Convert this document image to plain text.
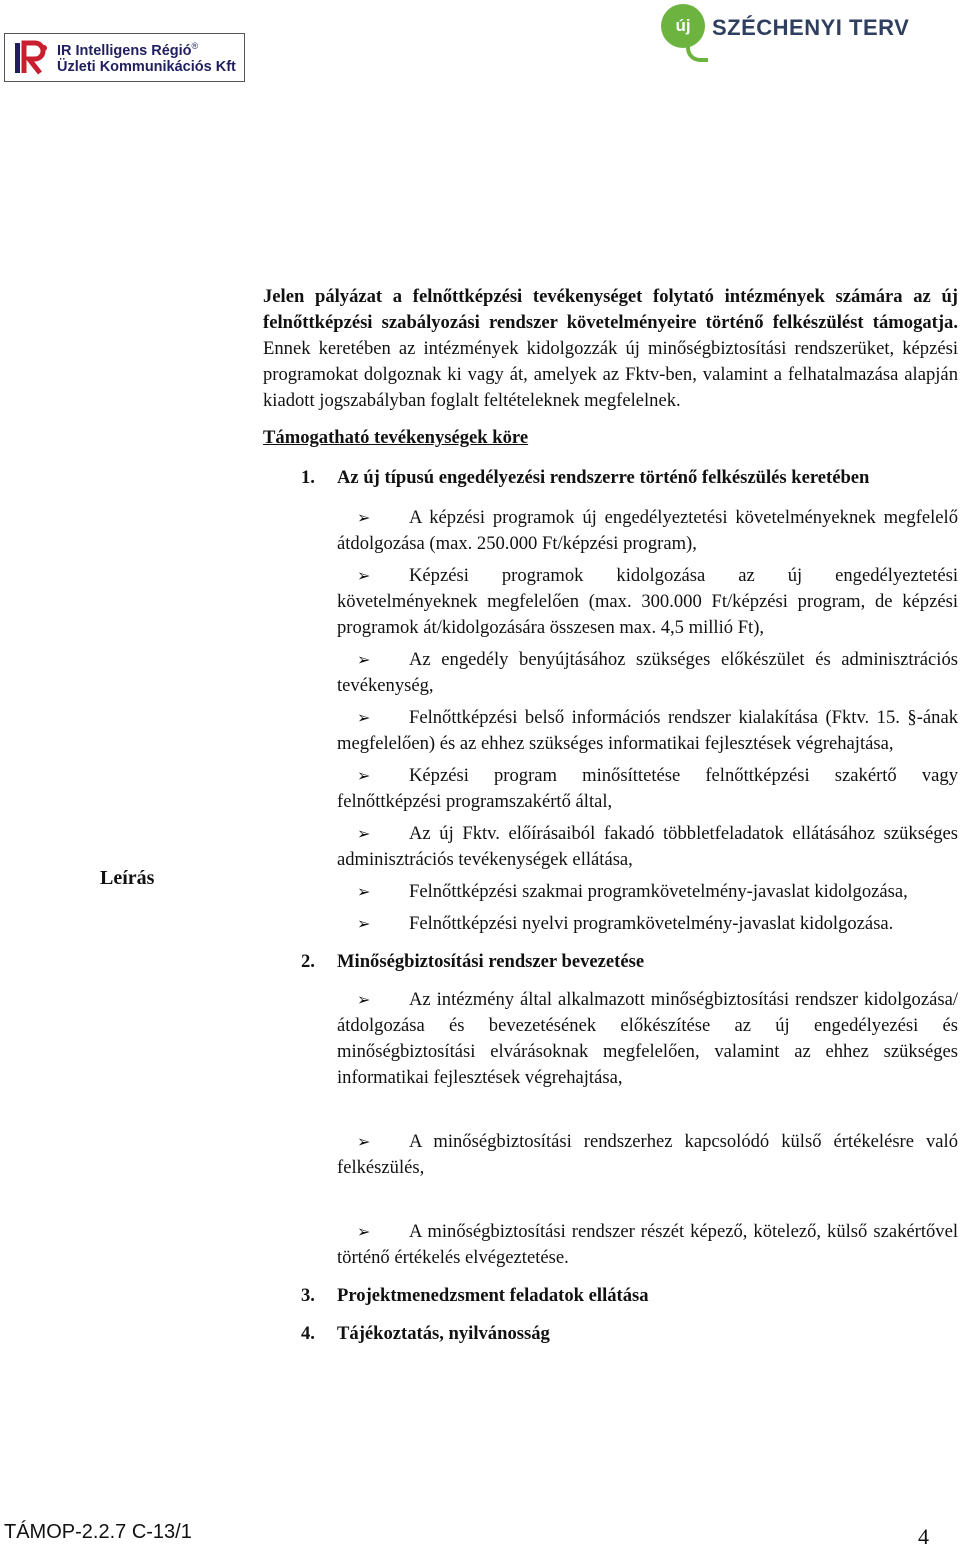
IR Intelligens Régió®
Üzleti Kommunikációs Kft
új SZÉCHENYI TERV
Leírás

Jelen pályázat a felnőttképzési tevékenységet folytató intézmények számára az új felnőttképzési szabályozási rendszer követelményeire történő felkészülést támogatja. Ennek keretében az intézmények kidolgozzák új minőségbiztosítási rendszerüket, képzési programokat dolgoznak ki vagy át, amelyek az Fktv-ben, valamint a felhatalmazása alapján kiadott jogszabályban foglalt feltételeknek megfelelnek.

Támogatható tevékenységek köre

1. Az új típusú engedélyezési rendszerre történő felkészülés keretében

➢ A képzési programok új engedélyeztetési követelményeknek megfelelő átdolgozása (max. 250.000 Ft/képzési program),
➢ Képzési programok kidolgozása az új engedélyeztetési követelményeknek megfelelően (max. 300.000 Ft/képzési program, de képzési programok át/kidolgozására összesen max. 4,5 millió Ft),
➢ Az engedély benyújtásához szükséges előkészület és adminisztrációs tevékenység,
➢ Felnőttképzési belső információs rendszer kialakítása (Fktv. 15. §-ának megfelelően) és az ehhez szükséges informatikai fejlesztések végrehajtása,
➢ Képzési program minősíttetése felnőttképzési szakértő vagy felnőttképzési programszakértő által,
➢ Az új Fktv. előírásaiból fakadó többletfeladatok ellátásához szükséges adminisztrációs tevékenységek ellátása,
➢ Felnőttképzési szakmai programkövetelmény-javaslat kidolgozása,
➢ Felnőttképzési nyelvi programkövetelmény-javaslat kidolgozása.

2. Minőségbiztosítási rendszer bevezetése

➢ Az intézmény által alkalmazott minőségbiztosítási rendszer kidolgozása/ átdolgozása és bevezetésének előkészítése az új engedélyezési és minőségbiztosítási elvárásoknak megfelelően, valamint az ehhez szükséges informatikai fejlesztések végrehajtása,
➢ A minőségbiztosítási rendszerhez kapcsolódó külső értékelésre való felkészülés,
➢ A minőségbiztosítási rendszer részét képező, kötelező, külső szakértővel történő értékelés elvégeztetése.

3. Projektmenedzsment feladatok ellátása

4. Tájékoztatás, nyilvánosság

TÁMOP-2.2.7 C-13/1	4
